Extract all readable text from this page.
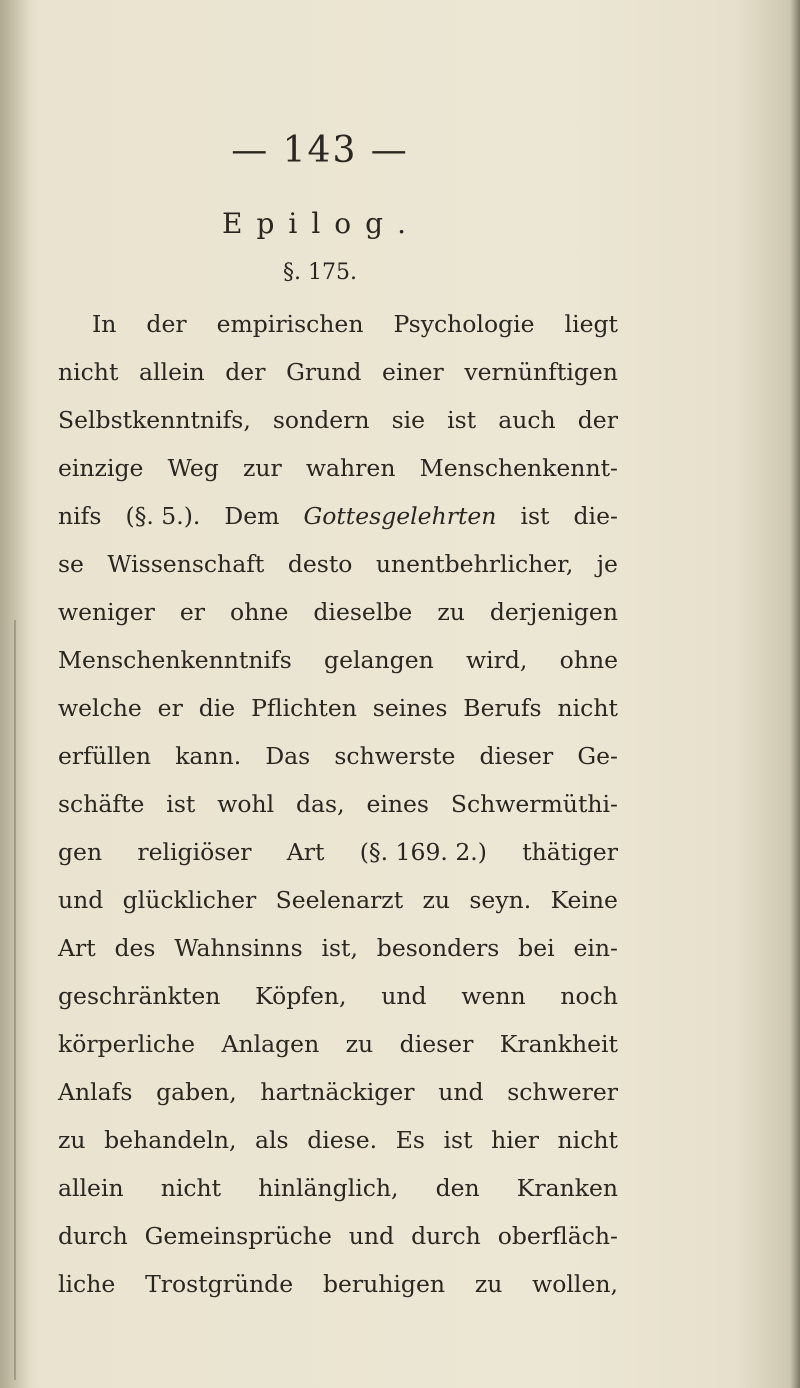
— 143 —
Epilog.
§. 175.
In der empirischen Psychologie liegt
nicht allein der Grund einer vernünftigen
Selbstkenntnifs, sondern sie ist auch der
einzige Weg zur wahren Menschenkennt-
nifs (§. 5.). Dem Gottesgelehrten ist die-
se Wissenschaft desto unentbehrlicher, je
weniger er ohne dieselbe zu derjenigen
Menschenkenntnifs gelangen wird, ohne
welche er die Pflichten seines Berufs nicht
erfüllen kann. Das schwerste dieser Ge-
schäfte ist wohl das, eines Schwermüthi-
gen religiöser Art (§. 169. 2.) thätiger
und glücklicher Seelenarzt zu seyn. Keine
Art des Wahnsinns ist, besonders bei ein-
geschränkten Köpfen, und wenn noch
körperliche Anlagen zu dieser Krankheit
Anlafs gaben, hartnäckiger und schwerer
zu behandeln, als diese. Es ist hier nicht
allein nicht hinlänglich, den Kranken
durch Gemeinsprüche und durch oberfläch-
liche Trostgründe beruhigen zu wollen,
